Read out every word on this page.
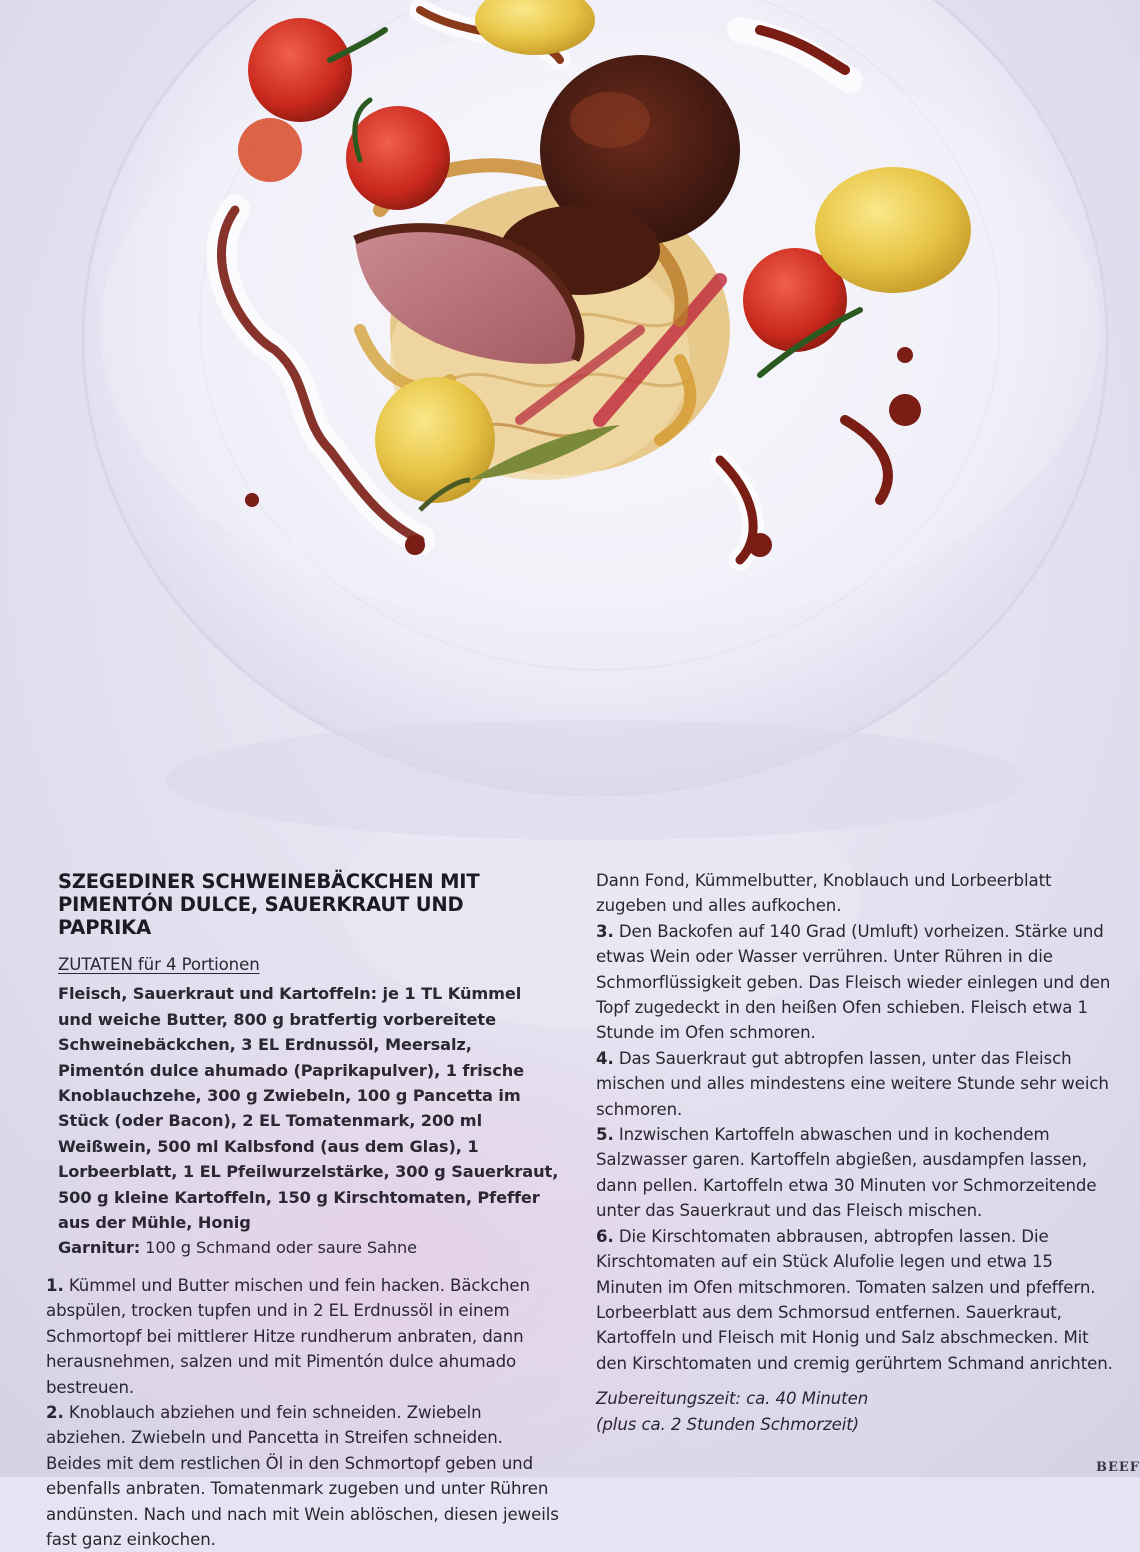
SZEGEDINER SCHWEINEBÄCKCHEN MIT
PIMENTÓN DULCE, SAUERKRAUT UND PAPRIKA
ZUTATEN für 4 Portionen

Fleisch, Sauerkraut und Kartoffeln: je 1 TL Kümmel und weiche Butter, 800 g bratfertig vorbereitete Schweinebäckchen, 3 EL Erdnussöl, Meersalz, Pimentón dulce ahumado (Paprikapulver), 1 frische Knoblauchzehe, 300 g Zwiebeln, 100 g Pancetta im Stück (oder Bacon), 2 EL Tomatenmark, 200 ml Weißwein, 500 ml Kalbsfond (aus dem Glas), 1 Lorbeerblatt, 1 EL Pfeilwurzelstärke, 300 g Sauerkraut, 500 g kleine Kartoffeln, 150 g Kirschtomaten, Pfeffer aus der Mühle, Honig

Garnitur: 100 g Schmand oder saure Sahne

1. Kümmel und Butter mischen und fein hacken. Bäckchen abspülen, trocken tupfen und in 2 EL Erdnussöl in einem Schmortopf bei mittlerer Hitze rundherum anbraten, dann herausnehmen, salzen und mit Pimentón dulce ahumado bestreuen.

2. Knoblauch abziehen und fein schneiden. Zwiebeln abziehen. Zwiebeln und Pancetta in Streifen schneiden. Beides mit dem restlichen Öl in den Schmortopf geben und ebenfalls anbraten. Tomatenmark zugeben und unter Rühren andünsten. Nach und nach mit Wein ablöschen, diesen jeweils fast ganz einkochen.

Dann Fond, Kümmelbutter, Knoblauch und Lorbeerblatt zugeben und alles aufkochen.

3. Den Backofen auf 140 Grad (Umluft) vorheizen. Stärke und etwas Wein oder Wasser verrühren. Unter Rühren in die Schmorflüssigkeit geben. Das Fleisch wieder einlegen und den Topf zugedeckt in den heißen Ofen schieben. Fleisch etwa 1 Stunde im Ofen schmoren.

4. Das Sauerkraut gut abtropfen lassen, unter das Fleisch mischen und alles mindestens eine weitere Stunde sehr weich schmoren.

5. Inzwischen Kartoffeln abwaschen und in kochendem Salzwasser garen. Kartoffeln abgießen, ausdampfen lassen, dann pellen. Kartoffeln etwa 30 Minuten vor Schmorzeitende unter das Sauerkraut und das Fleisch mischen.

6. Die Kirschtomaten abbrausen, abtropfen lassen. Die Kirschtomaten auf ein Stück Alufolie legen und etwa 15 Minuten im Ofen mitschmoren. Tomaten salzen und pfeffern. Lorbeerblatt aus dem Schmorsud entfernen. Sauerkraut, Kartoffeln und Fleisch mit Honig und Salz abschmecken. Mit den Kirschtomaten und cremig gerührtem Schmand anrichten.

Zubereitungszeit: ca. 40 Minuten
(plus ca. 2 Stunden Schmorzeit)
BEEF
